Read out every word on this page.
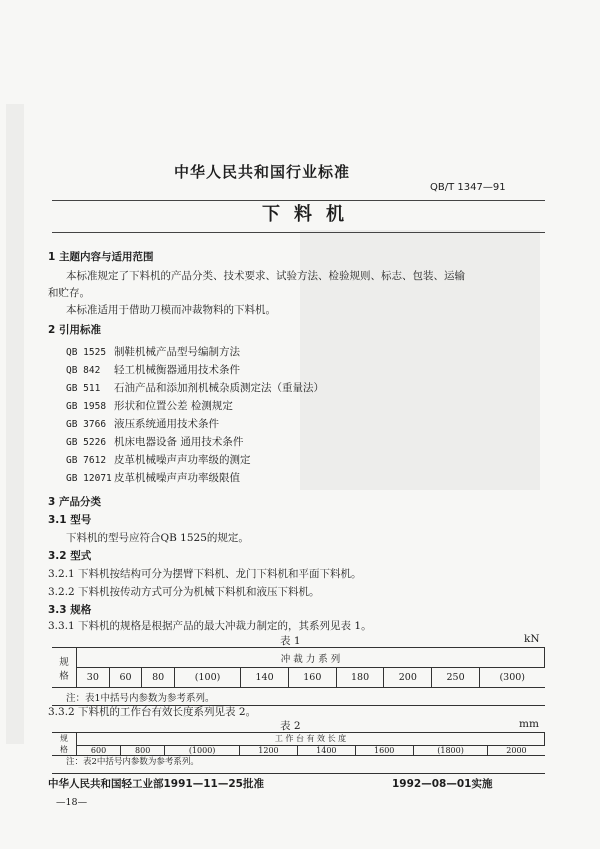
中华人民共和国行业标准
QB/T 1347—91
下料机
1 主题内容与适用范围
本标准规定了下料机的产品分类、技术要求、试验方法、检验规则、标志、包装、运输
和贮存。
本标准适用于借助刀模而冲裁物料的下料机。
2 引用标准
QB 1525 制鞋机械产品型号编制方法
QB 842 轻工机械衡器通用技术条件
GB 511 石油产品和添加剂机械杂质测定法（重量法）
GB 1958 形状和位置公差 检测规定
GB 3766 液压系统通用技术条件
GB 5226 机床电器设备 通用技术条件
GB 7612 皮革机械噪声声功率级的测定
GB 12071 皮革机械噪声声功率级限值
3 产品分类
3.1 型号
下料机的型号应符合QB 1525的规定。
3.2 型式
3.2.1 下料机按结构可分为摆臂下料机、龙门下料机和平面下料机。
3.2.2 下料机按传动方式可分为机械下料机和液压下料机。
3.3 规格
3.3.1 下料机的规格是根据产品的最大冲裁力制定的，其系列见表 1。
表 1	kN
规
格	冲 裁 力 系 列									
	30	60	80	(100)	140	160	180	200	250	(300)
注：表1中括号内参数为参考系列。										
3.3.2 下料机的工作台有效长度系列见表 2。
表 2	mm
规
格	工 作 台 有 效 长 度							
	600	800	(1000)	1200	1400	1600	(1800)	2000
注：表2中括号内参数为参考系列。
中华人民共和国轻工业部1991—11—25批准	1992—08—01实施
—18—
